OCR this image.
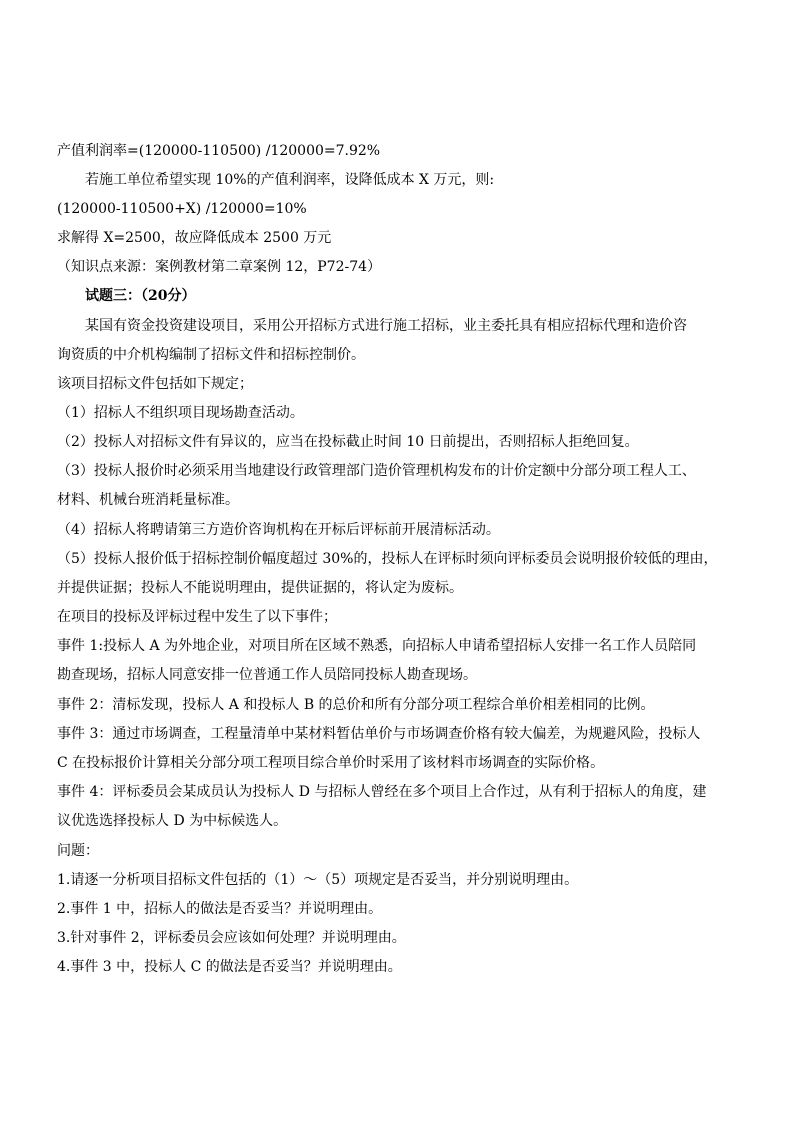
产值利润率=(120000-110500) /120000=7.92%
若施工单位希望实现 10%的产值利润率，设降低成本 X 万元，则:
(120000-110500+X) /120000=10%
求解得 X=2500，故应降低成本 2500 万元
（知识点来源：案例教材第二章案例 12，P72-74）
试题三：（20分）
某国有资金投资建设项目，采用公开招标方式进行施工招标，业主委托具有相应招标代理和造价咨
询资质的中介机构编制了招标文件和招标控制价。
该项目招标文件包括如下规定；
（1）招标人不组织项目现场勘查活动。
（2）投标人对招标文件有异议的，应当在投标截止时间 10 日前提出，否则招标人拒绝回复。
（3）投标人报价时必须采用当地建设行政管理部门造价管理机构发布的计价定额中分部分项工程人工、
材料、机械台班消耗量标准。
（4）招标人将聘请第三方造价咨询机构在开标后评标前开展清标活动。
（5）投标人报价低于招标控制价幅度超过 30%的，投标人在评标时须向评标委员会说明报价较低的理由，
并提供证据；投标人不能说明理由，提供证据的，将认定为废标。
在项目的投标及评标过程中发生了以下事件；
事件 1:投标人 A 为外地企业，对项目所在区域不熟悉，向招标人申请希望招标人安排一名工作人员陪同
勘查现场，招标人同意安排一位普通工作人员陪同投标人勘查现场。
事件 2：清标发现，投标人 A 和投标人 B 的总价和所有分部分项工程综合单价相差相同的比例。
事件 3：通过市场调查，工程量清单中某材料暂估单价与市场调查价格有较大偏差，为规避风险，投标人
C 在投标报价计算相关分部分项工程项目综合单价时采用了该材料市场调查的实际价格。
事件 4：评标委员会某成员认为投标人 D 与招标人曾经在多个项目上合作过，从有利于招标人的角度，建
议优选选择投标人 D 为中标候选人。
问题：
1.请逐一分析项目招标文件包括的（1）～（5）项规定是否妥当，并分别说明理由。
2.事件 1 中，招标人的做法是否妥当？并说明理由。
3.针对事件 2，评标委员会应该如何处理？并说明理由。
4.事件 3 中，投标人 C 的做法是否妥当？并说明理由。
